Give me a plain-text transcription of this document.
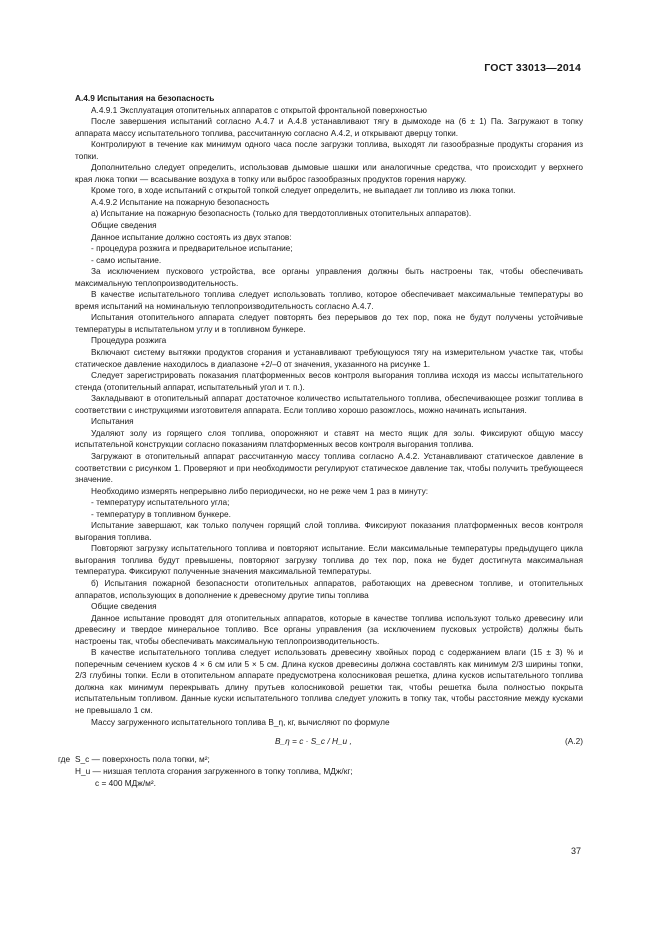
ГОСТ 33013—2014

А.4.9 Испытания на безопасность

А.4.9.1 Эксплуатация отопительных аппаратов с открытой фронтальной поверхностью

После завершения испытаний согласно А.4.7 и А.4.8 устанавливают тягу в дымоходе на (6 ± 1) Па. Загружают в топку аппарата массу испытательного топлива, рассчитанную согласно А.4.2, и открывают дверцу топки.

Контролируют в течение как минимум одного часа после загрузки топлива, выходят ли газообразные продукты сгорания из топки.

Дополнительно следует определить, использовав дымовые шашки или аналогичные средства, что происходит у верхнего края люка топки — всасывание воздуха в топку или выброс газообразных продуктов горения наружу.

Кроме того, в ходе испытаний с открытой топкой следует определить, не выпадает ли топливо из люка топки.

А.4.9.2 Испытание на пожарную безопасность

а) Испытание на пожарную безопасность (только для твердотопливных отопительных аппаратов).

Общие сведения

Данное испытание должно состоять из двух этапов:

- процедура розжига и предварительное испытание;

- само испытание.

За исключением пускового устройства, все органы управления должны быть настроены так, чтобы обеспечивать максимальную теплопроизводительность.

В качестве испытательного топлива следует использовать топливо, которое обеспечивает максимальные температуры во время испытаний на номинальную теплопроизводительность согласно А.4.7.

Испытания отопительного аппарата следует повторять без перерывов до тех пор, пока не будут получены устойчивые температуры в испытательном углу и в топливном бункере.

Процедура розжига

Включают систему вытяжки продуктов сгорания и устанавливают требующуюся тягу на измерительном участке так, чтобы статическое давление находилось в диапазоне +2/–0 от значения, указанного на рисунке 1.

Следует зарегистрировать показания платформенных весов контроля выгорания топлива исходя из массы испытательного стенда (отопительный аппарат, испытательный угол и т. п.).

Закладывают в отопительный аппарат достаточное количество испытательного топлива, обеспечивающее розжиг топлива в соответствии с инструкциями изготовителя аппарата. Если топливо хорошо разожглось, можно начинать испытания.

Испытания

Удаляют золу из горящего слоя топлива, опорожняют и ставят на место ящик для золы. Фиксируют общую массу испытательной конструкции согласно показаниям платформенных весов контроля выгорания топлива.

Загружают в отопительный аппарат рассчитанную массу топлива согласно А.4.2. Устанавливают статическое давление в соответствии с рисунком 1. Проверяют и при необходимости регулируют статическое давление так, чтобы получить требующееся значение.

Необходимо измерять непрерывно либо периодически, но не реже чем 1 раз в минуту:

- температуру испытательного угла;

- температуру в топливном бункере.

Испытание завершают, как только получен горящий слой топлива. Фиксируют показания платформенных весов контроля выгорания топлива.

Повторяют загрузку испытательного топлива и повторяют испытание. Если максимальные температуры предыдущего цикла выгорания топлива будут превышены, повторяют загрузку топлива до тех пор, пока не будет достигнута максимальная температура. Фиксируют полученные значения максимальной температуры.

б) Испытания пожарной безопасности отопительных аппаратов, работающих на древесном топливе, и отопительных аппаратов, использующих в дополнение к древесному другие типы топлива

Общие сведения

Данное испытание проводят для отопительных аппаратов, которые в качестве топлива используют только древесину или древесину и твердое минеральное топливо. Все органы управления (за исключением пусковых устройств) должны быть настроены так, чтобы обеспечивать максимальную теплопроизводительность.

В качестве испытательного топлива следует использовать древесину хвойных пород с содержанием влаги (15 ± 3) % и поперечным сечением кусков 4 × 6 см или 5 × 5 см. Длина кусков древесины должна составлять как минимум 2/3 ширины топки, 2/3 глубины топки. Если в отопительном аппарате предусмотрена колосниковая решетка, длина кусков испытательного топлива должна как минимум перекрывать длину прутьев колосниковой решетки так, чтобы решетка была полностью покрыта испытательным топливом. Данные куски испытательного топлива следует уложить в топку так, чтобы расстояние между кусками не превышало 1 см.

Массу загруженного испытательного топлива B_η, кг, вычисляют по формуле

B_η = c · S_c / H_u ,	(А.2)
где S_c — поверхность пола топки, м²;
H_u — низшая теплота сгорания загруженного в топку топлива, МДж/кг;
c = 400 МДж/м².
37
